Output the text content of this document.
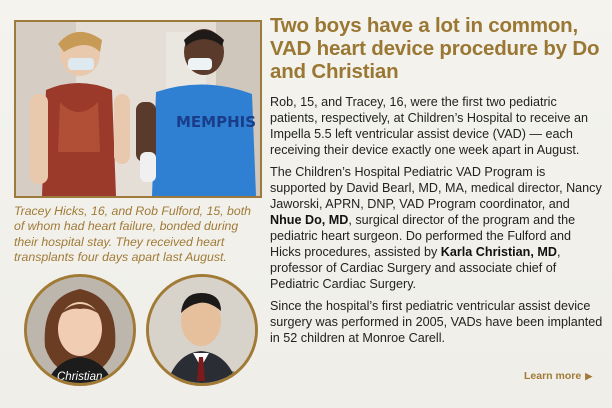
MEMPHIS
Tracey Hicks, 16, and Rob Fulford, 15, both of whom had heart failure, bonded during their hospital stay. They received heart transplants four days apart last August.
Christian	Do
Two boys have a lot in common, VAD heart device procedure by Do and Christian

Rob, 15, and Tracey, 16, were the first two pediatric patients, respectively, at Children’s Hospital to receive an Impella 5.5 left ventricular assist device (VAD) — each receiving their device exactly one week apart in August.

The Children’s Hospital Pediatric VAD Program is supported by David Bearl, MD, MA, medical director, Nancy Jaworski, APRN, DNP, VAD Program coordinator, and Nhue Do, MD, surgical director of the program and the pediatric heart surgeon. Do performed the Fulford and Hicks procedures, assisted by Karla Christian, MD, professor of Cardiac Surgery and associate chief of Pediatric Cardiac Surgery.

Since the hospital’s first pediatric ventricular assist device surgery was performed in 2005, VADs have been implanted in 52 children at Monroe Carell.

Learn more ▶
